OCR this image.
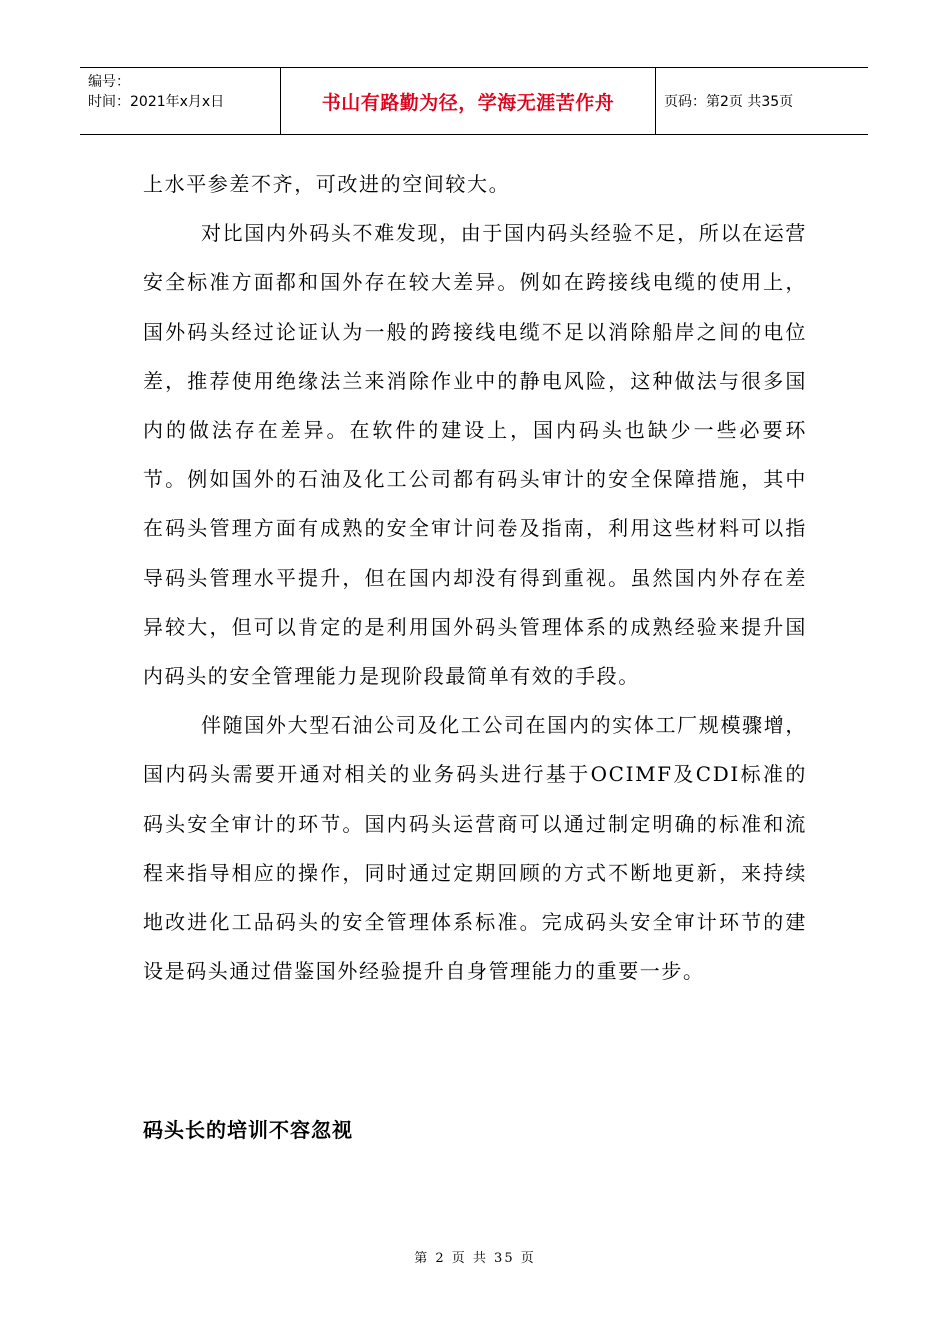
编号：
时间：2021年x月x日	书山有路勤为径，学海无涯苦作舟	页码：第2页 共35页

上水平参差不齐，可改进的空间较大。

对比国内外码头不难发现，由于国内码头经验不足，所以在运营安全标准方面都和国外存在较大差异。例如在跨接线电缆的使用上，国外码头经过论证认为一般的跨接线电缆不足以消除船岸之间的电位差，推荐使用绝缘法兰来消除作业中的静电风险，这种做法与很多国内的做法存在差异。在软件的建设上，国内码头也缺少一些必要环节。例如国外的石油及化工公司都有码头审计的安全保障措施，其中在码头管理方面有成熟的安全审计问卷及指南，利用这些材料可以指导码头管理水平提升，但在国内却没有得到重视。虽然国内外存在差异较大，但可以肯定的是利用国外码头管理体系的成熟经验来提升国内码头的安全管理能力是现阶段最简单有效的手段。

伴随国外大型石油公司及化工公司在国内的实体工厂规模骤增，国内码头需要开通对相关的业务码头进行基于OCIMF及CDI标准的码头安全审计的环节。国内码头运营商可以通过制定明确的标准和流程来指导相应的操作，同时通过定期回顾的方式不断地更新，来持续地改进化工品码头的安全管理体系标准。完成码头安全审计环节的建设是码头通过借鉴国外经验提升自身管理能力的重要一步。

码头长的培训不容忽视
第 2 页 共 35 页
